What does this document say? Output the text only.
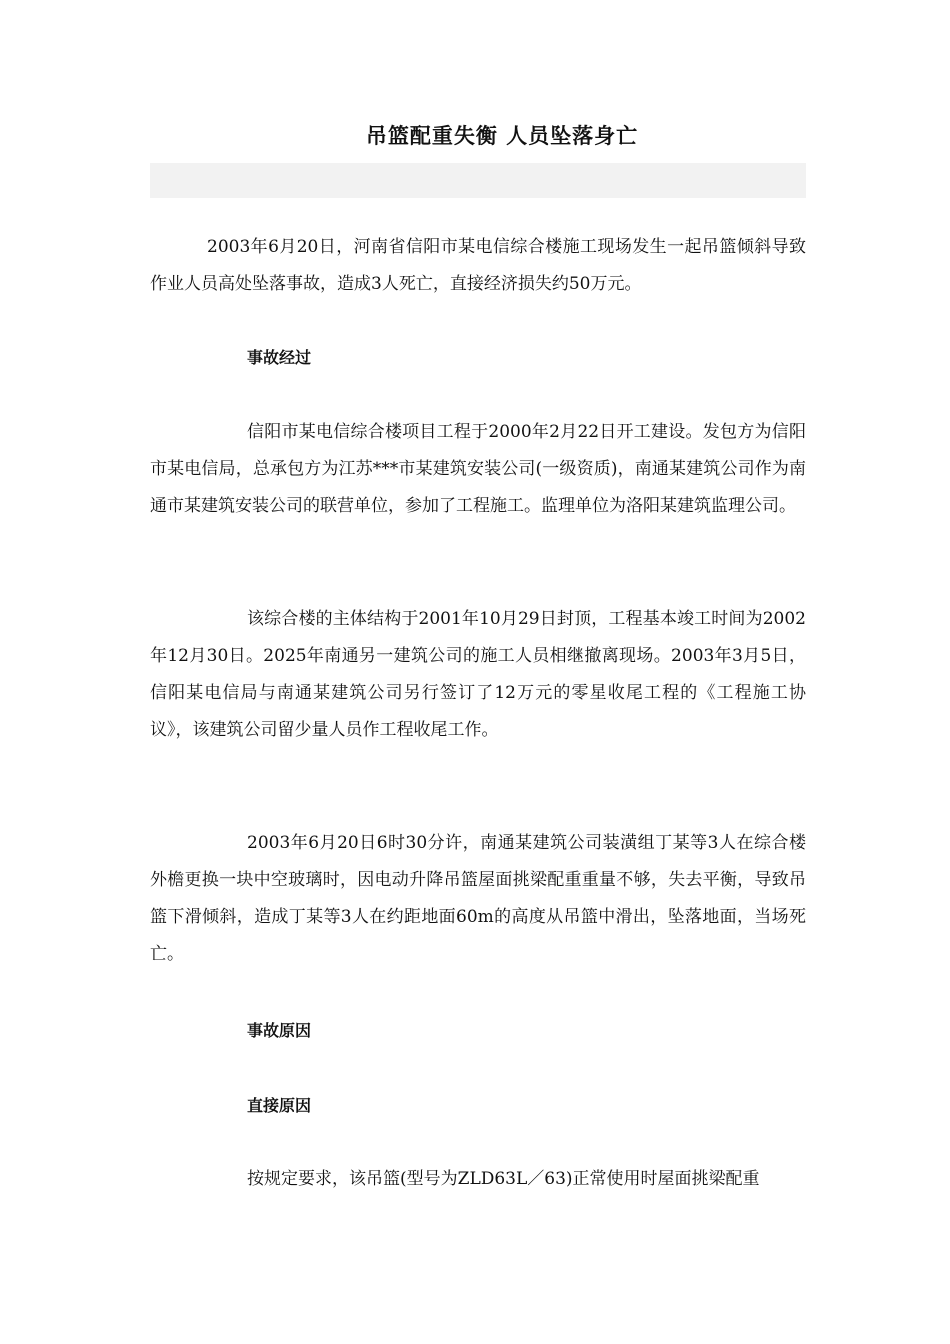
吊篮配重失衡 人员坠落身亡

2003年6月20日，河南省信阳市某电信综合楼施工现场发生一起吊篮倾斜导致作业人员高处坠落事故，造成3人死亡，直接经济损失约50万元。

事故经过

信阳市某电信综合楼项目工程于2000年2月22日开工建设。发包方为信阳市某电信局，总承包方为江苏***市某建筑安装公司(一级资质)，南通某建筑公司作为南通市某建筑安装公司的联营单位，参加了工程施工。监理单位为洛阳某建筑监理公司。

该综合楼的主体结构于2001年10月29日封顶，工程基本竣工时间为2002年12月30日。2025年南通另一建筑公司的施工人员相继撤离现场。2003年3月5日，信阳某电信局与南通某建筑公司另行签订了12万元的零星收尾工程的《工程施工协议》，该建筑公司留少量人员作工程收尾工作。

2003年6月20日6时30分许，南通某建筑公司装潢组丁某等3人在综合楼外檐更换一块中空玻璃时，因电动升降吊篮屋面挑梁配重重量不够，失去平衡，导致吊篮下滑倾斜，造成丁某等3人在约距地面60m的高度从吊篮中滑出，坠落地面，当场死亡。

事故原因
直接原因

按规定要求，该吊篮(型号为ZLD63L／63)正常使用时屋面挑梁配重
